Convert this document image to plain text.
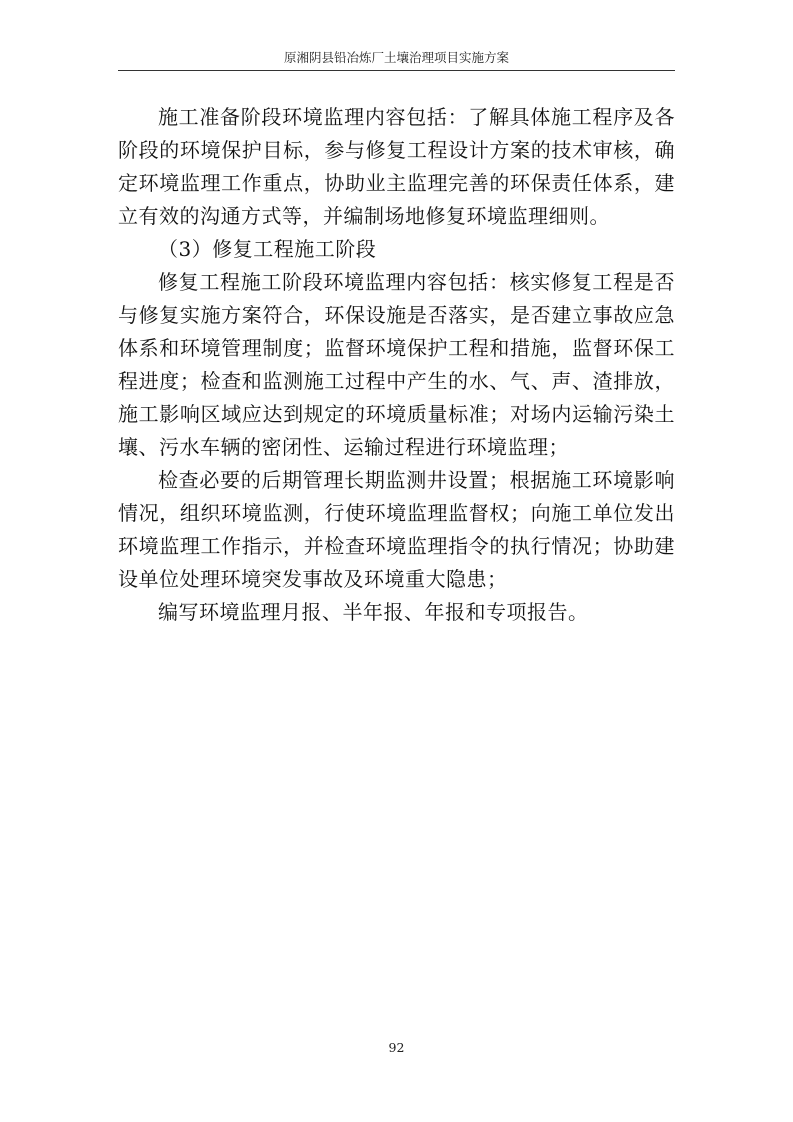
原湘阴县铅冶炼厂土壤治理项目实施方案

施工准备阶段环境监理内容包括：了解具体施工程序及各阶段的环境保护目标，参与修复工程设计方案的技术审核，确定环境监理工作重点，协助业主监理完善的环保责任体系，建立有效的沟通方式等，并编制场地修复环境监理细则。

（3）修复工程施工阶段

修复工程施工阶段环境监理内容包括：核实修复工程是否与修复实施方案符合，环保设施是否落实，是否建立事故应急体系和环境管理制度；监督环境保护工程和措施，监督环保工程进度；检查和监测施工过程中产生的水、气、声、渣排放，施工影响区域应达到规定的环境质量标准；对场内运输污染土壤、污水车辆的密闭性、运输过程进行环境监理；

检查必要的后期管理长期监测井设置；根据施工环境影响情况，组织环境监测，行使环境监理监督权；向施工单位发出环境监理工作指示，并检查环境监理指令的执行情况；协助建设单位处理环境突发事故及环境重大隐患；

编写环境监理月报、半年报、年报和专项报告。

92
